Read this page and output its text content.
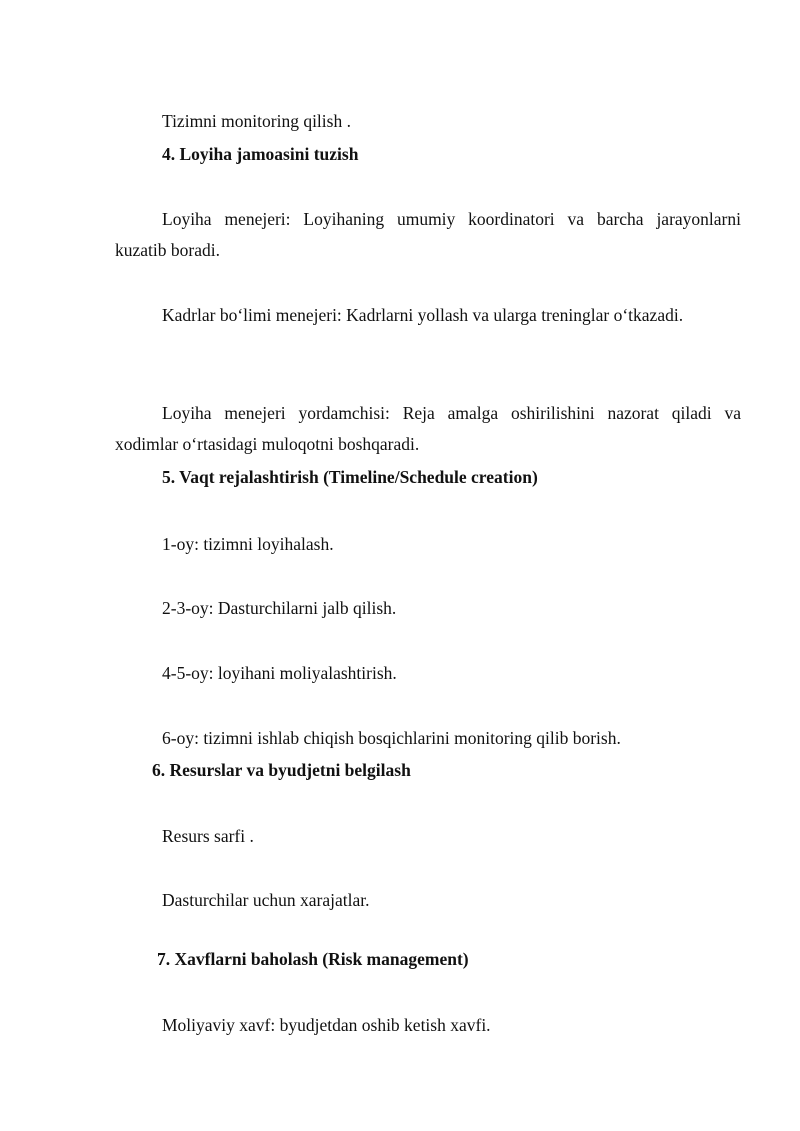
Tizimni monitoring qilish .
4. Loyiha jamoasini tuzish
Loyiha menejeri: Loyihaning umumiy koordinatori va barcha jarayonlarni
kuzatib boradi.
Kadrlar bo‘limi menejeri: Kadrlarni yollash va ularga treninglar o‘tkazadi.
Loyiha menejeri yordamchisi: Reja amalga oshirilishini nazorat qiladi va
xodimlar o‘rtasidagi muloqotni boshqaradi.
5. Vaqt rejalashtirish (Timeline/Schedule creation)
1-oy: tizimni loyihalash.
2-3-oy: Dasturchilarni jalb qilish.
4-5-oy: loyihani moliyalashtirish.
6-oy: tizimni ishlab chiqish bosqichlarini monitoring qilib borish.
6. Resurslar va byudjetni belgilash
Resurs sarfi .
Dasturchilar uchun xarajatlar.
7. Xavflarni baholash (Risk management)
Moliyaviy xavf: byudjetdan oshib ketish xavfi.
